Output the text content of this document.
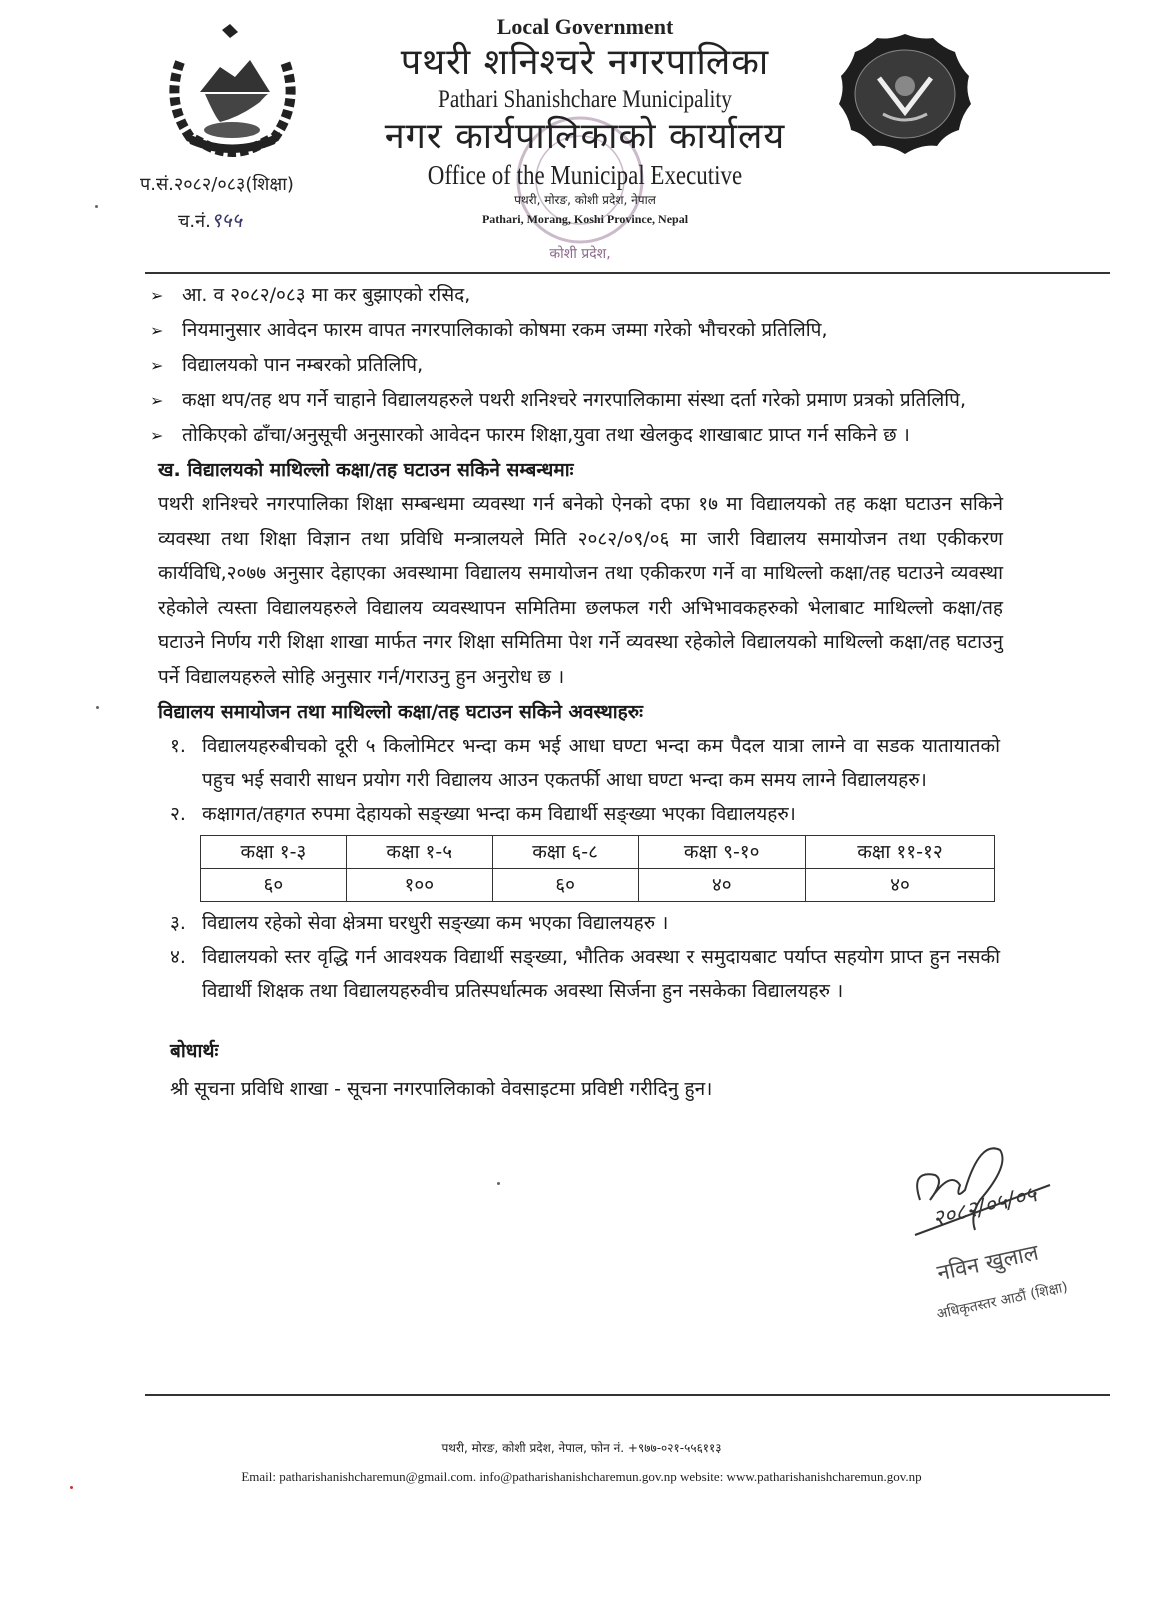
Local Government
पथरी शनिश्चरे नगरपालिका
Pathari Shanishchare Municipality
नगर कार्यपालिकाको कार्यालय
Office of the Municipal Executive
पथरी, मोरङ, कोशी प्रदेश, नेपाल
Pathari, Morang, Koshi Province, Nepal
कोशी प्रदेश,
प.सं.२०८२/०८३(शिक्षा)
च.नं.९५५
➢ आ. व २०८२/०८३ मा कर बुझाएको रसिद,
➢ नियमानुसार आवेदन फारम वापत नगरपालिकाको कोषमा रकम जम्मा गरेको भौचरको प्रतिलिपि,
➢ विद्यालयको पान नम्बरको प्रतिलिपि,
➢ कक्षा थप/तह थप गर्ने चाहाने विद्यालयहरुले पथरी शनिश्चरे नगरपालिकामा संस्था दर्ता गरेको प्रमाण प्रत्रको प्रतिलिपि,
➢ तोकिएको ढाँचा/अनुसूची अनुसारको आवेदन फारम शिक्षा,युवा तथा खेलकुद शाखाबाट प्राप्त गर्न सकिने छ ।
ख. विद्यालयको माथिल्लो कक्षा/तह घटाउन सकिने सम्बन्धमाः
पथरी शनिश्चरे नगरपालिका शिक्षा सम्बन्धमा व्यवस्था गर्न बनेको ऐनको दफा १७ मा विद्यालयको तह कक्षा घटाउन सकिने व्यवस्था तथा शिक्षा विज्ञान तथा प्रविधि मन्त्रालयले मिति २०८२/०९/०६ मा जारी विद्यालय समायोजन तथा एकीकरण कार्यविधि,२०७७ अनुसार देहाएका अवस्थामा विद्यालय समायोजन तथा एकीकरण गर्ने वा माथिल्लो कक्षा/तह घटाउने व्यवस्था रहेकोले त्यस्ता विद्यालयहरुले विद्यालय व्यवस्थापन समितिमा छलफल गरी अभिभावकहरुको भेलाबाट माथिल्लो कक्षा/तह घटाउने निर्णय गरी शिक्षा शाखा मार्फत नगर शिक्षा समितिमा पेश गर्ने व्यवस्था रहेकोले विद्यालयको माथिल्लो कक्षा/तह घटाउनु पर्ने विद्यालयहरुले सोहि अनुसार गर्न/गराउनु हुन अनुरोध छ ।
विद्यालय समायोजन तथा माथिल्लो कक्षा/तह घटाउन सकिने अवस्थाहरुः
१. विद्यालयहरुबीचको दूरी ५ किलोमिटर भन्दा कम भई आधा घण्टा भन्दा कम पैदल यात्रा लाग्ने वा सडक यातायातको पहुच भई सवारी साधन प्रयोग गरी विद्यालय आउन एकतर्फी आधा घण्टा भन्दा कम समय लाग्ने विद्यालयहरु।
२. कक्षागत/तहगत रुपमा देहायको सङ्ख्या भन्दा कम विद्यार्थी सङ्ख्या भएका विद्यालयहरु।
कक्षा १-३	कक्षा १-५	कक्षा ६-८	कक्षा ९-१०	कक्षा ११-१२
६०	१००	६०	४०	४०
३. विद्यालय रहेको सेवा क्षेत्रमा घरधुरी सङ्ख्या कम भएका विद्यालयहरु ।
४. विद्यालयको स्तर वृद्धि गर्न आवश्यक विद्यार्थी सङ्ख्या, भौतिक अवस्था र समुदायबाट पर्याप्त सहयोग प्राप्त हुन नसकी विद्यार्थी शिक्षक तथा विद्यालयहरुवीच प्रतिस्पर्धात्मक अवस्था सिर्जना हुन नसकेका विद्यालयहरु ।
बोधार्थः
श्री सूचना प्रविधि शाखा - सूचना नगरपालिकाको वेवसाइटमा प्रविष्टी गरीदिनु हुन।
२०८२/०५/०५
नविन खुलाल
अधिकृतस्तर आठौं (शिक्षा)
पथरी, मोरङ, कोशी प्रदेश, नेपाल, फोन नं. +९७७-०२१-५५६११३
Email: patharishanishcharemun@gmail.com. info@patharishanishcharemun.gov.np website: www.patharishanishcharemun.gov.np
